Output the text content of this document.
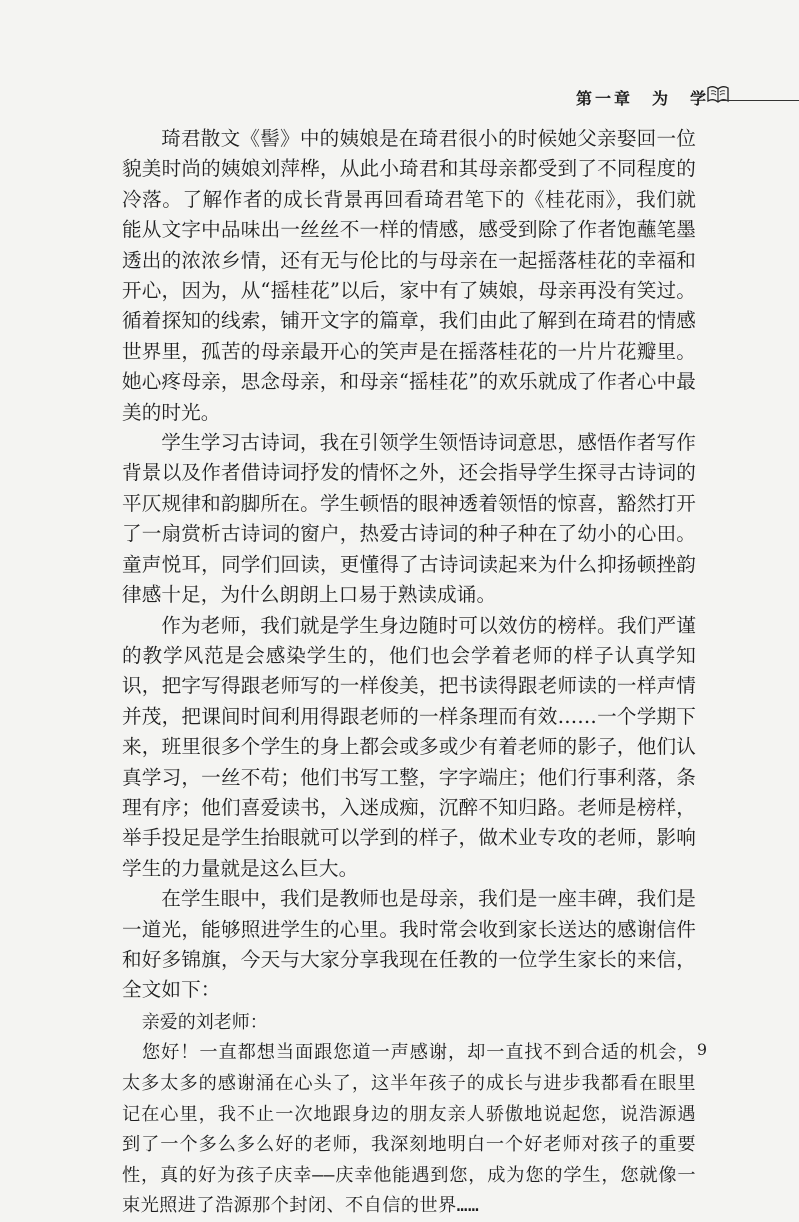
第一章　为　学

琦君散文《髻》中的姨娘是在琦君很小的时候她父亲娶回一位貌美时尚的姨娘刘萍桦，从此小琦君和其母亲都受到了不同程度的冷落。了解作者的成长背景再回看琦君笔下的《桂花雨》，我们就能从文字中品味出一丝丝不一样的情感，感受到除了作者饱蘸笔墨透出的浓浓乡情，还有无与伦比的与母亲在一起摇落桂花的幸福和开心，因为，从“摇桂花”以后，家中有了姨娘，母亲再没有笑过。循着探知的线索，铺开文字的篇章，我们由此了解到在琦君的情感世界里，孤苦的母亲最开心的笑声是在摇落桂花的一片片花瓣里。她心疼母亲，思念母亲，和母亲“摇桂花”的欢乐就成了作者心中最美的时光。

学生学习古诗词，我在引领学生领悟诗词意思，感悟作者写作背景以及作者借诗词抒发的情怀之外，还会指导学生探寻古诗词的平仄规律和韵脚所在。学生顿悟的眼神透着领悟的惊喜，豁然打开了一扇赏析古诗词的窗户，热爱古诗词的种子种在了幼小的心田。童声悦耳，同学们回读，更懂得了古诗词读起来为什么抑扬顿挫韵律感十足，为什么朗朗上口易于熟读成诵。

作为老师，我们就是学生身边随时可以效仿的榜样。我们严谨的教学风范是会感染学生的，他们也会学着老师的样子认真学知识，把字写得跟老师写的一样俊美，把书读得跟老师读的一样声情并茂，把课间时间利用得跟老师的一样条理而有效……一个学期下来，班里很多个学生的身上都会或多或少有着老师的影子，他们认真学习，一丝不苟；他们书写工整，字字端庄；他们行事利落，条理有序；他们喜爱读书，入迷成痴，沉醉不知归路。老师是榜样，举手投足是学生抬眼就可以学到的样子，做术业专攻的老师，影响学生的力量就是这么巨大。

在学生眼中，我们是教师也是母亲，我们是一座丰碑，我们是一道光，能够照进学生的心里。我时常会收到家长送达的感谢信件和好多锦旗，今天与大家分享我现在任教的一位学生家长的来信，全文如下：

亲爱的刘老师：

您好！一直都想当面跟您道一声感谢，却一直找不到合适的机会，太多太多的感谢涌在心头了，这半年孩子的成长与进步我都看在眼里记在心里，我不止一次地跟身边的朋友亲人骄傲地说起您，说浩源遇到了一个多么多么好的老师，我深刻地明白一个好老师对孩子的重要性，真的好为孩子庆幸——庆幸他能遇到您，成为您的学生，您就像一束光照进了浩源那个封闭、不自信的世界……

9
